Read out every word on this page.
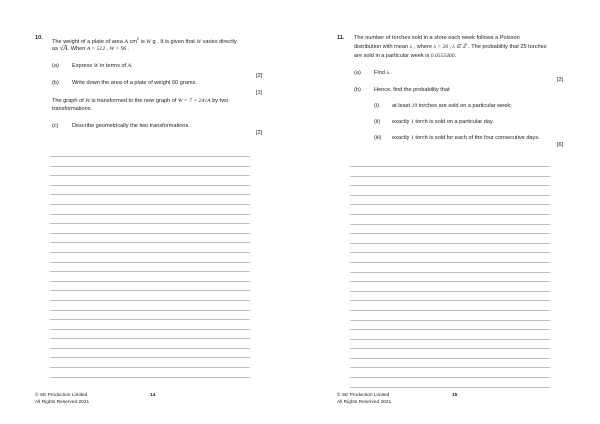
10.
The weight of a plate of area A $cm^2$ is W g . It is given that W varies directly
as √A. When A = 512 , W = 96 .
(a) Express W in terms of A.
[2]
(b) Write down the area of a plate of weight 60 grams.
[1]
The graph of W is transformed to the new graph of W = 7 + 24√A by two
transformations.
(c) Describe geometrically the two transformations.
[2]
© SE Production Limited
All Rights Reserved 2021
14
11. The number of torches sold in a store each week follows a Poisson
distribution with mean λ , where λ > 20 , λ ∈ ℤ . The probability that 25 torches
are sold in a particular week is 0.0555460.
(a) Find λ.
[2]
(b) Hence, find the probability that
(i) at least 19 torches are sold on a particular week;
(ii) exactly 1 torch is sold on a particular day.
(iii) exactly 1 torch is sold for each of the four consecutive days.
[6]
© SE Production Limited
All Rights Reserved 2021
15
